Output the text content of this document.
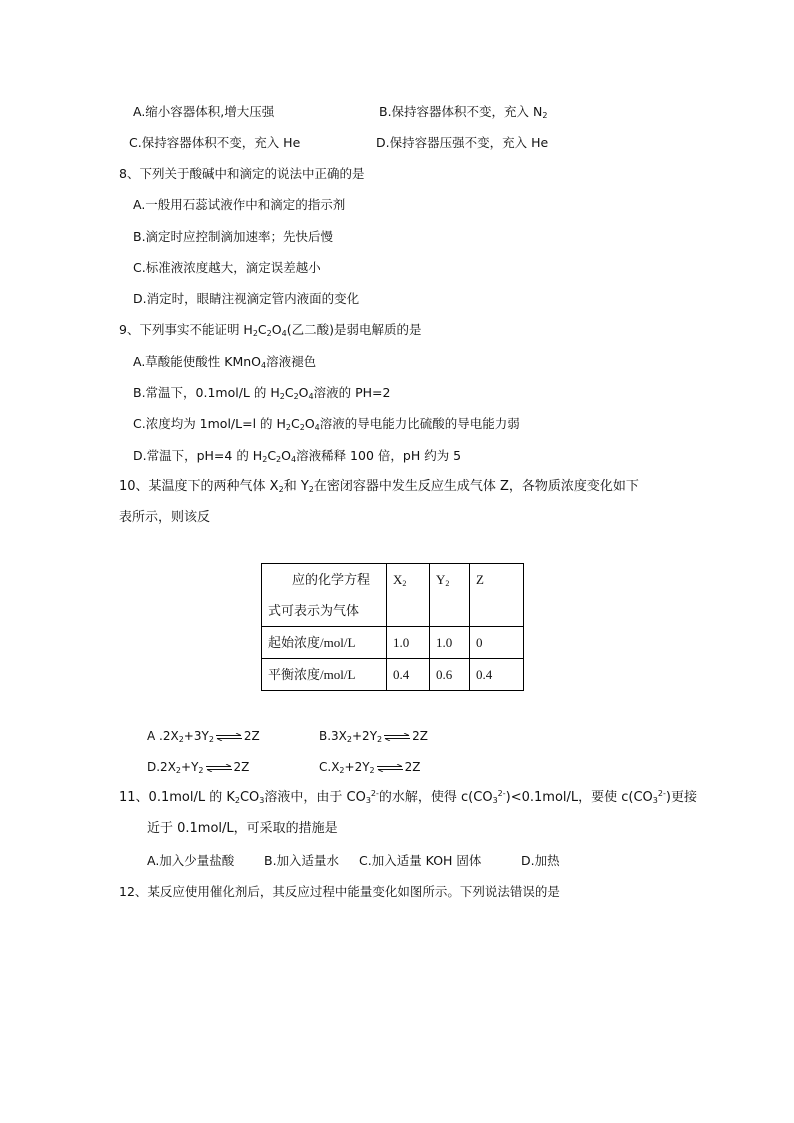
A.缩小容器体积,增大压强	B.保持容器体积不变，充入 $N_2$
C.保持容器体积不变，充入 He	D.保持容器压强不变，充入 He
8、下列关于酸碱中和滴定的说法中正确的是
A.一般用石蕊试液作中和滴定的指示剂
B.滴定时应控制滴加速率；先快后慢
C.标准液浓度越大，滴定误差越小
D.消定时，眼睛注视滴定管内液面的变化
9、下列事实不能证明 $H_2C_2O_4$(乙二酸)是弱电解质的是
A.草酸能使酸性 KMnO$_4$溶液褪色
B.常温下，0.1mol/L 的 $H_2C_2O_4$溶液的 PH=2
C.浓度均为 1mol/L=l 的 $H_2C_2O_4$溶液的导电能力比硫酸的导电能力弱
D.常温下，pH=4 的 $H_2C_2O_4$溶液稀释 100 倍，pH 约为 5
10、某温度下的两种气体 $X_2$和 $Y_2$在密闭容器中发生反应生成气体 Z，各物质浓度变化如下
表所示，则该反
应的化学方程
式可表示为气体	$X_2$	$Y_2$	Z
起始浓度/mol/L	1.0	1.0	0
平衡浓度/mol/L	0.4	0.6	0.4
A $.2X_2+3Y_2$ ⇌ 2Z	$B.3X_2+2Y_2$ ⇌ 2Z
$D.2X_2+Y_2$ ⇌ 2Z	$C.X_2+2Y_2$ ⇌ 2Z
11、0.1mol/L 的 $K_2CO_3$溶液中，由于 $CO_3^{2-}$的水解，使得 $c(CO_3^{2-})<0.1mol/L$，要使 $c(CO_3^{2-})$更接
近于 0.1mol/L，可采取的措施是
A.加入少量盐酸 B.加入适量水 C.加入适量 KOH 固体	D.加热
12、某反应使用催化剂后，其反应过程中能量变化如图所示。下列说法错误的是
